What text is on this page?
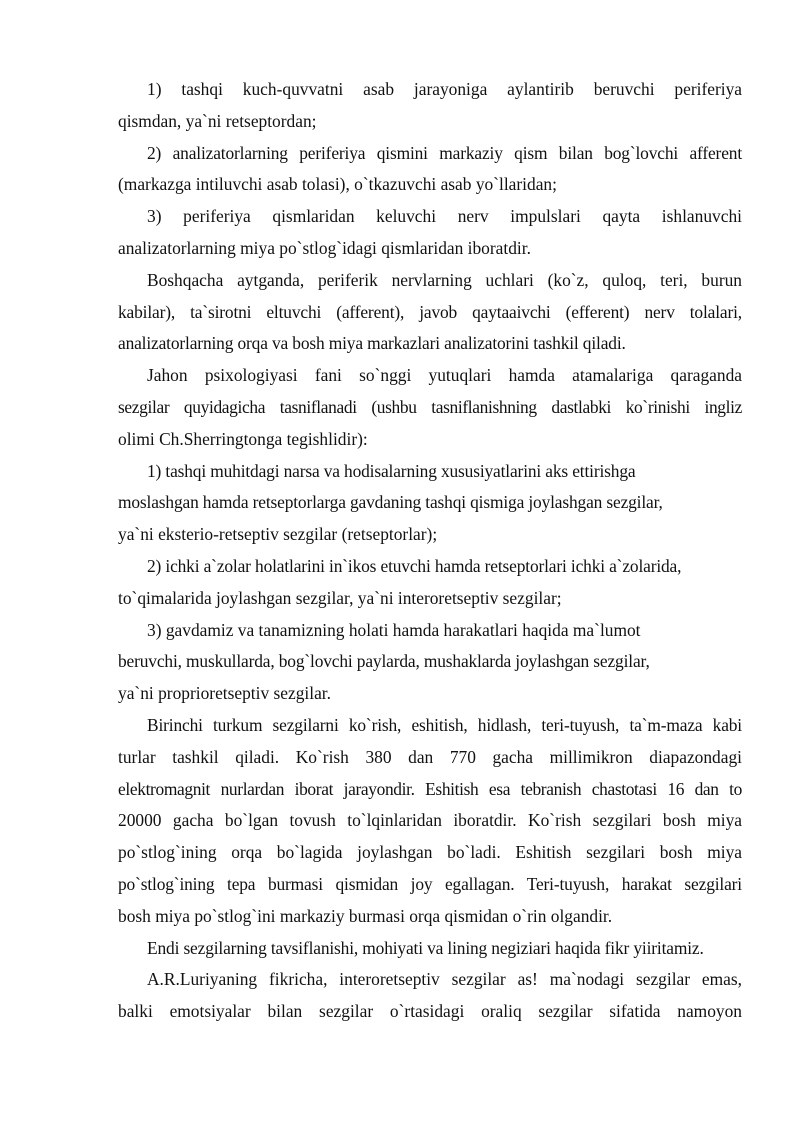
1) tashqi kuch-quvvatni asab jarayoniga aylantirib beruvchi periferiya
qismdan, ya`ni retseptordan;
2) analizatorlarning periferiya qismini markaziy qism bilan bog`lovchi afferent
(markazga intiluvchi asab tolasi), o`tkazuvchi asab yo`llaridan;
3) periferiya qismlaridan keluvchi nerv impulslari qayta ishlanuvchi
analizatorlarning miya po`stlog`idagi qismlaridan iboratdir.
Boshqacha aytganda, periferik nervlarning uchlari (ko`z, quloq, teri, burun
kabilar), ta`sirotni eltuvchi (afferent), javob qaytaaivchi (efferent) nerv tolalari,
analizatorlarning orqa va bosh miya markazlari analizatorini tashkil qiladi.
Jahon psixologiyasi fani so`nggi yutuqlari hamda atamalariga qaraganda
sezgilar quyidagicha tasniflanadi (ushbu tasniflanishning dastlabki ko`rinishi ingliz
olimi Ch.Sherringtonga tegishlidir):
1) tashqi muhitdagi narsa va hodisalarning xususiyatlarini aks ettirishga
moslashgan hamda retseptorlarga gavdaning tashqi qismiga joylashgan sezgilar,
ya`ni eksterio-retseptiv sezgilar (retseptorlar);
2) ichki a`zolar holatlarini in`ikos etuvchi hamda retseptorlari ichki a`zolarida,
to`qimalarida joylashgan sezgilar, ya`ni interoretseptiv sezgilar;
3) gavdamiz va tanamizning holati hamda harakatlari haqida ma`lumot
beruvchi, muskullarda, bog`lovchi paylarda, mushaklarda joylashgan sezgilar,
ya`ni proprioretseptiv sezgilar.
Birinchi turkum sezgilarni ko`rish, eshitish, hidlash, teri-tuyush, ta`m-maza kabi
turlar tashkil qiladi. Ko`rish 380 dan 770 gacha millimikron diapazondagi
elektromagnit nurlardan iborat jarayondir. Eshitish esa tebranish chastotasi 16 dan to
20000 gacha bo`lgan tovush to`lqinlaridan iboratdir. Ko`rish sezgilari bosh miya
po`stlog`ining orqa bo`lagida joylashgan bo`ladi. Eshitish sezgilari bosh miya
po`stlog`ining tepa burmasi qismidan joy egallagan. Teri-tuyush, harakat sezgilari
bosh miya po`stlog`ini markaziy burmasi orqa qismidan o`rin olgandir.
Endi sezgilarning tavsiflanishi, mohiyati va lining negiziari haqida fikr yiiritamiz.
A.R.Luriyaning fikricha, interoretseptiv sezgilar as! ma`nodagi sezgilar emas,
balki emotsiyalar bilan sezgilar o`rtasidagi oraliq sezgilar sifatida namoyon
